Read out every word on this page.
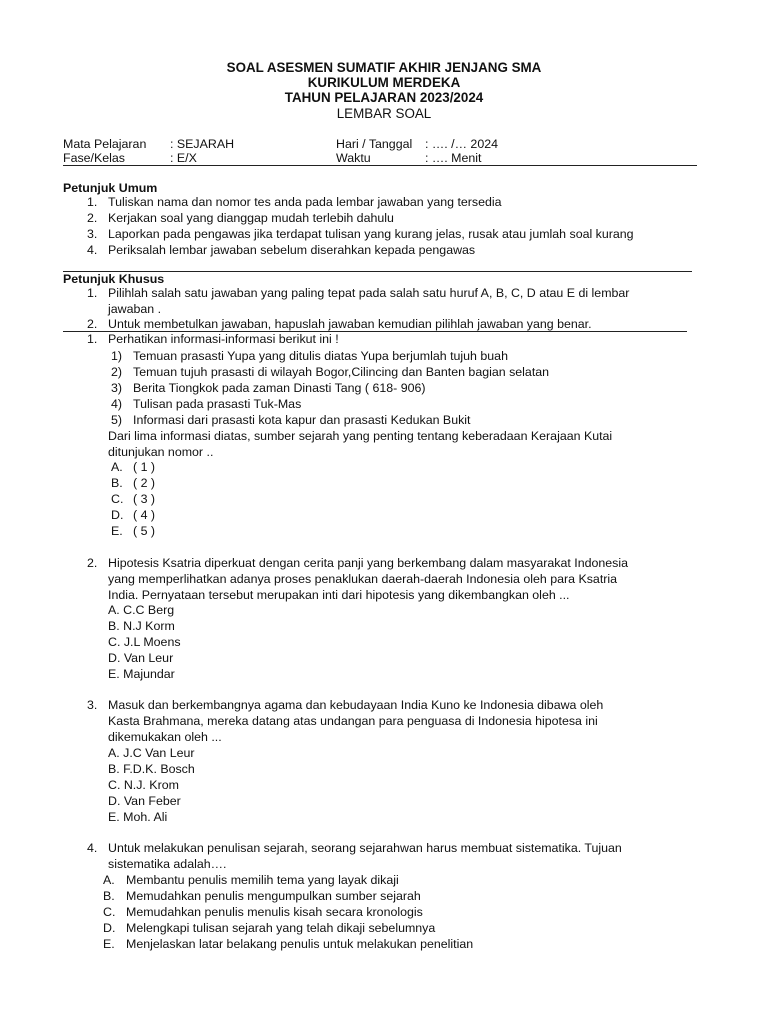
SOAL ASESMEN SUMATIF AKHIR JENJANG SMA
KURIKULUM MERDEKA
TAHUN PELAJARAN 2023/2024
LEMBAR SOAL
Mata Pelajaran : SEJARAH	Hari / Tanggal : …. /… 2024
Fase/Kelas	: E/X	Waktu	: …. Menit
Petunjuk Umum
1. Tuliskan nama dan nomor tes anda pada lembar jawaban yang tersedia
2. Kerjakan soal yang dianggap mudah terlebih dahulu
3. Laporkan pada pengawas jika terdapat tulisan yang kurang jelas, rusak atau jumlah soal kurang
4. Periksalah lembar jawaban sebelum diserahkan kepada pengawas
Petunjuk Khusus
1. Pilihlah salah satu jawaban yang paling tepat pada salah satu huruf A, B, C, D atau E di lembar
jawaban .
2. Untuk membetulkan jawaban, hapuslah jawaban kemudian pilihlah jawaban yang benar.
1. Perhatikan informasi-informasi berikut ini !
1) Temuan prasasti Yupa yang ditulis diatas Yupa berjumlah tujuh buah
2) Temuan tujuh prasasti di wilayah Bogor,Cilincing dan Banten bagian selatan
3) Berita Tiongkok pada zaman Dinasti Tang ( 618- 906)
4) Tulisan pada prasasti Tuk-Mas
5) Informasi dari prasasti kota kapur dan prasasti Kedukan Bukit
Dari lima informasi diatas, sumber sejarah yang penting tentang keberadaan Kerajaan Kutai
ditunjukan nomor ..
A. ( 1 )
B. ( 2 )
C. ( 3 )
D. ( 4 )
E. ( 5 )
2. Hipotesis Ksatria diperkuat dengan cerita panji yang berkembang dalam masyarakat Indonesia
yang memperlihatkan adanya proses penaklukan daerah-daerah Indonesia oleh para Ksatria
India. Pernyataan tersebut merupakan inti dari hipotesis yang dikembangkan oleh ...
A. C.C Berg
B. N.J Korm
C. J.L Moens
D. Van Leur
E. Majundar
3. Masuk dan berkembangnya agama dan kebudayaan India Kuno ke Indonesia dibawa oleh
Kasta Brahmana, mereka datang atas undangan para penguasa di Indonesia hipotesa ini
dikemukakan oleh ...
A. J.C Van Leur
B. F.D.K. Bosch
C. N.J. Krom
D. Van Feber
E. Moh. Ali
4. Untuk melakukan penulisan sejarah, seorang sejarahwan harus membuat sistematika. Tujuan
sistematika adalah….
A. Membantu penulis memilih tema yang layak dikaji
B. Memudahkan penulis mengumpulkan sumber sejarah
C. Memudahkan penulis menulis kisah secara kronologis
D. Melengkapi tulisan sejarah yang telah dikaji sebelumnya
E. Menjelaskan latar belakang penulis untuk melakukan penelitian
